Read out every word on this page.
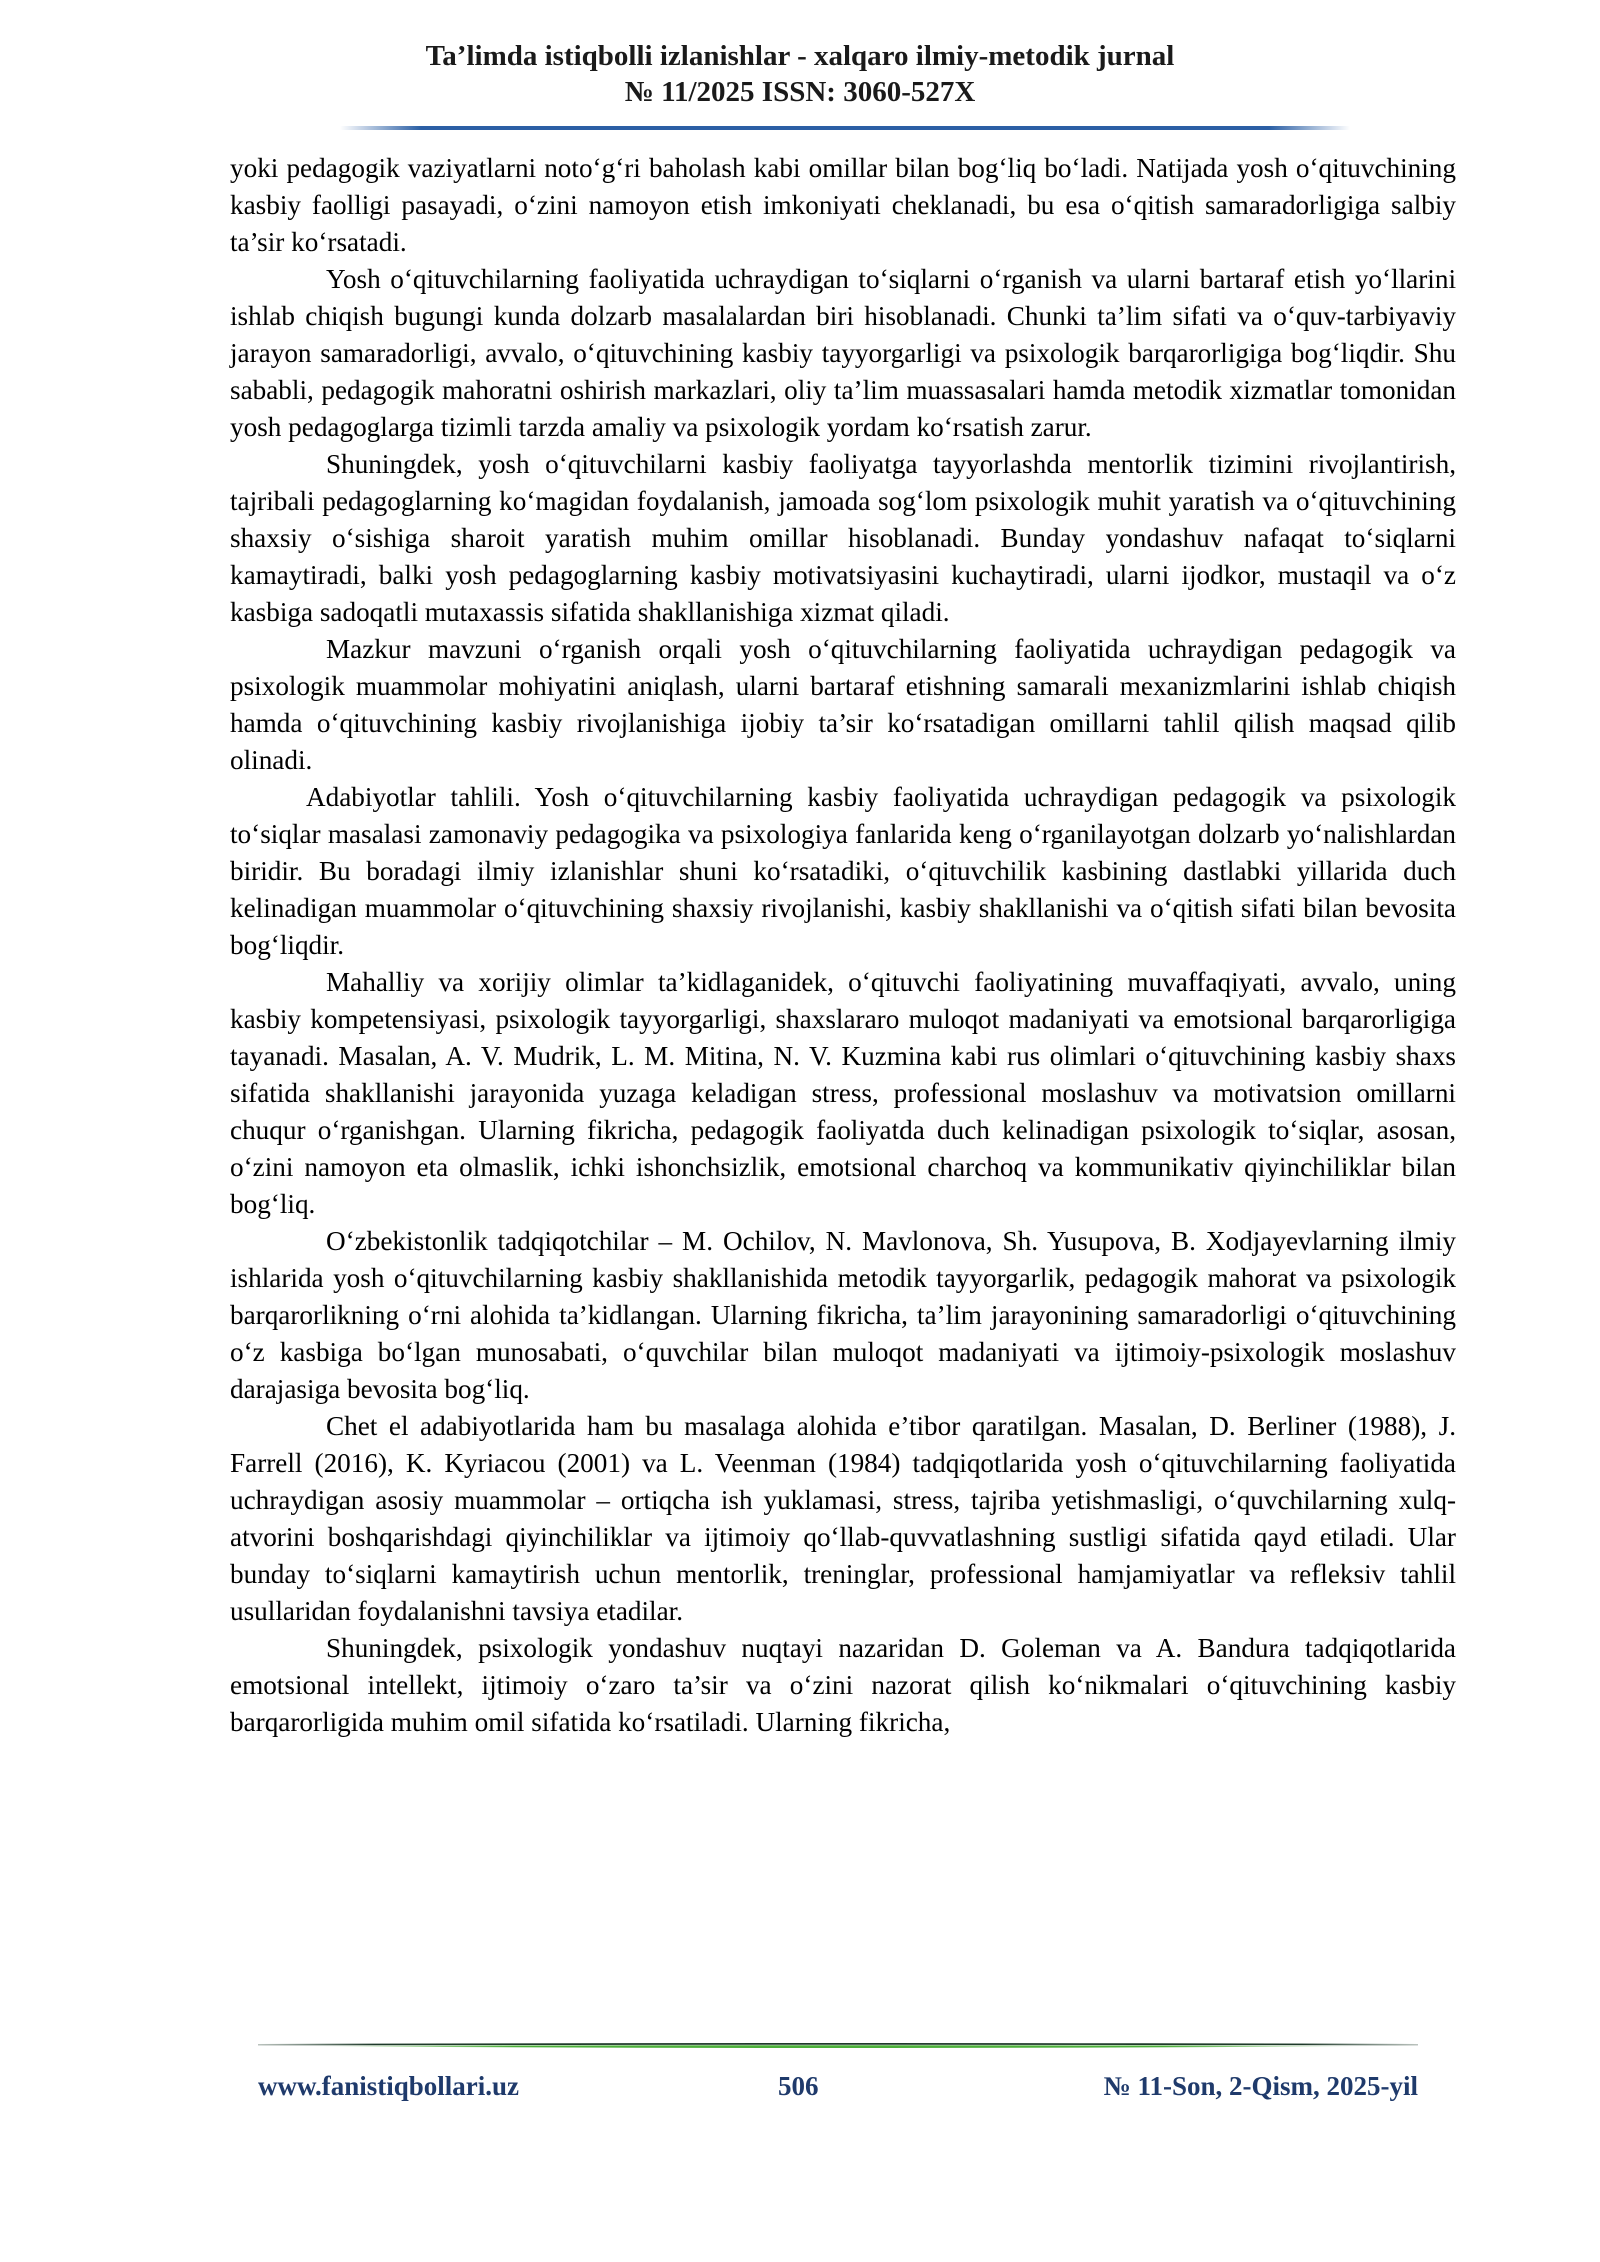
Ta’limda istiqbolli izlanishlar - xalqaro ilmiy-metodik jurnal
№ 11/2025 ISSN: 3060-527X

yoki pedagogik vaziyatlarni noto‘g‘ri baholash kabi omillar bilan bog‘liq bo‘ladi. Natijada yosh o‘qituvchining kasbiy faolligi pasayadi, o‘zini namoyon etish imkoniyati cheklanadi, bu esa o‘qitish samaradorligiga salbiy ta’sir ko‘rsatadi.

Yosh o‘qituvchilarning faoliyatida uchraydigan to‘siqlarni o‘rganish va ularni bartaraf etish yo‘llarini ishlab chiqish bugungi kunda dolzarb masalalardan biri hisoblanadi. Chunki ta’lim sifati va o‘quv-tarbiyaviy jarayon samaradorligi, avvalo, o‘qituvchining kasbiy tayyorgarligi va psixologik barqarorligiga bog‘liqdir. Shu sababli, pedagogik mahoratni oshirish markazlari, oliy ta’lim muassasalari hamda metodik xizmatlar tomonidan yosh pedagoglarga tizimli tarzda amaliy va psixologik yordam ko‘rsatish zarur.

Shuningdek, yosh o‘qituvchilarni kasbiy faoliyatga tayyorlashda mentorlik tizimini rivojlantirish, tajribali pedagoglarning ko‘magidan foydalanish, jamoada sog‘lom psixologik muhit yaratish va o‘qituvchining shaxsiy o‘sishiga sharoit yaratish muhim omillar hisoblanadi. Bunday yondashuv nafaqat to‘siqlarni kamaytiradi, balki yosh pedagoglarning kasbiy motivatsiyasini kuchaytiradi, ularni ijodkor, mustaqil va o‘z kasbiga sadoqatli mutaxassis sifatida shakllanishiga xizmat qiladi.

Mazkur mavzuni o‘rganish orqali yosh o‘qituvchilarning faoliyatida uchraydigan pedagogik va psixologik muammolar mohiyatini aniqlash, ularni bartaraf etishning samarali mexanizmlarini ishlab chiqish hamda o‘qituvchining kasbiy rivojlanishiga ijobiy ta’sir ko‘rsatadigan omillarni tahlil qilish maqsad qilib olinadi.

Adabiyotlar tahlili. Yosh o‘qituvchilarning kasbiy faoliyatida uchraydigan pedagogik va psixologik to‘siqlar masalasi zamonaviy pedagogika va psixologiya fanlarida keng o‘rganilayotgan dolzarb yo‘nalishlardan biridir. Bu boradagi ilmiy izlanishlar shuni ko‘rsatadiki, o‘qituvchilik kasbining dastlabki yillarida duch kelinadigan muammolar o‘qituvchining shaxsiy rivojlanishi, kasbiy shakllanishi va o‘qitish sifati bilan bevosita bog‘liqdir.

Mahalliy va xorijiy olimlar ta’kidlaganidek, o‘qituvchi faoliyatining muvaffaqiyati, avvalo, uning kasbiy kompetensiyasi, psixologik tayyorgarligi, shaxslararo muloqot madaniyati va emotsional barqarorligiga tayanadi. Masalan, A. V. Mudrik, L. M. Mitina, N. V. Kuzmina kabi rus olimlari o‘qituvchining kasbiy shaxs sifatida shakllanishi jarayonida yuzaga keladigan stress, professional moslashuv va motivatsion omillarni chuqur o‘rganishgan. Ularning fikricha, pedagogik faoliyatda duch kelinadigan psixologik to‘siqlar, asosan, o‘zini namoyon eta olmaslik, ichki ishonchsizlik, emotsional charchoq va kommunikativ qiyinchiliklar bilan bog‘liq.

O‘zbekistonlik tadqiqotchilar – M. Ochilov, N. Mavlonova, Sh. Yusupova, B. Xodjayevlarning ilmiy ishlarida yosh o‘qituvchilarning kasbiy shakllanishida metodik tayyorgarlik, pedagogik mahorat va psixologik barqarorlikning o‘rni alohida ta’kidlangan. Ularning fikricha, ta’lim jarayonining samaradorligi o‘qituvchining o‘z kasbiga bo‘lgan munosabati, o‘quvchilar bilan muloqot madaniyati va ijtimoiy-psixologik moslashuv darajasiga bevosita bog‘liq.

Chet el adabiyotlarida ham bu masalaga alohida e’tibor qaratilgan. Masalan, D. Berliner (1988), J. Farrell (2016), K. Kyriacou (2001) va L. Veenman (1984) tadqiqotlarida yosh o‘qituvchilarning faoliyatida uchraydigan asosiy muammolar – ortiqcha ish yuklamasi, stress, tajriba yetishmasligi, o‘quvchilarning xulq-atvorini boshqarishdagi qiyinchiliklar va ijtimoiy qo‘llab-quvvatlashning sustligi sifatida qayd etiladi. Ular bunday to‘siqlarni kamaytirish uchun mentorlik, treninglar, professional hamjamiyatlar va refleksiv tahlil usullaridan foydalanishni tavsiya etadilar.

Shuningdek, psixologik yondashuv nuqtayi nazaridan D. Goleman va A. Bandura tadqiqotlarida emotsional intellekt, ijtimoiy o‘zaro ta’sir va o‘zini nazorat qilish ko‘nikmalari o‘qituvchining kasbiy barqarorligida muhim omil sifatida ko‘rsatiladi. Ularning fikricha,

www.fanistiqbollari.uz	506	№ 11-Son, 2-Qism, 2025-yil
